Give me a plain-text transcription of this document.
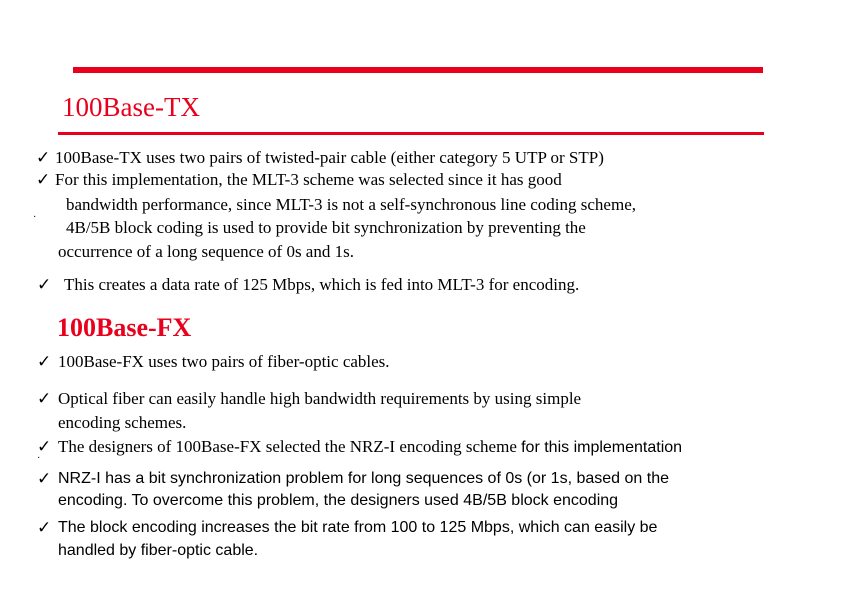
100Base-TX
✓ 100Base-TX uses two pairs of twisted-pair cable (either category 5 UTP or STP)
✓ For this implementation, the MLT-3 scheme was selected since it has good
bandwidth performance, since MLT-3 is not a self-synchronous line coding scheme,
·
4B/5B block coding is used to provide bit synchronization by preventing the
occurrence of a long sequence of 0s and 1s.
✓ This creates a data rate of 125 Mbps, which is fed into MLT-3 for encoding.
100Base-FX
✓ 100Base-FX uses two pairs of fiber-optic cables.
✓ Optical fiber can easily handle high bandwidth requirements by using simple
encoding schemes.
✓ The designers of 100Base-FX selected the NRZ-I encoding scheme for this implementation
·
✓ NRZ-I has a bit synchronization problem for long sequences of 0s (or 1s, based on the
encoding. To overcome this problem, the designers used 4B/5B block encoding
✓ The block encoding increases the bit rate from 100 to 125 Mbps, which can easily be
handled by fiber-optic cable.
